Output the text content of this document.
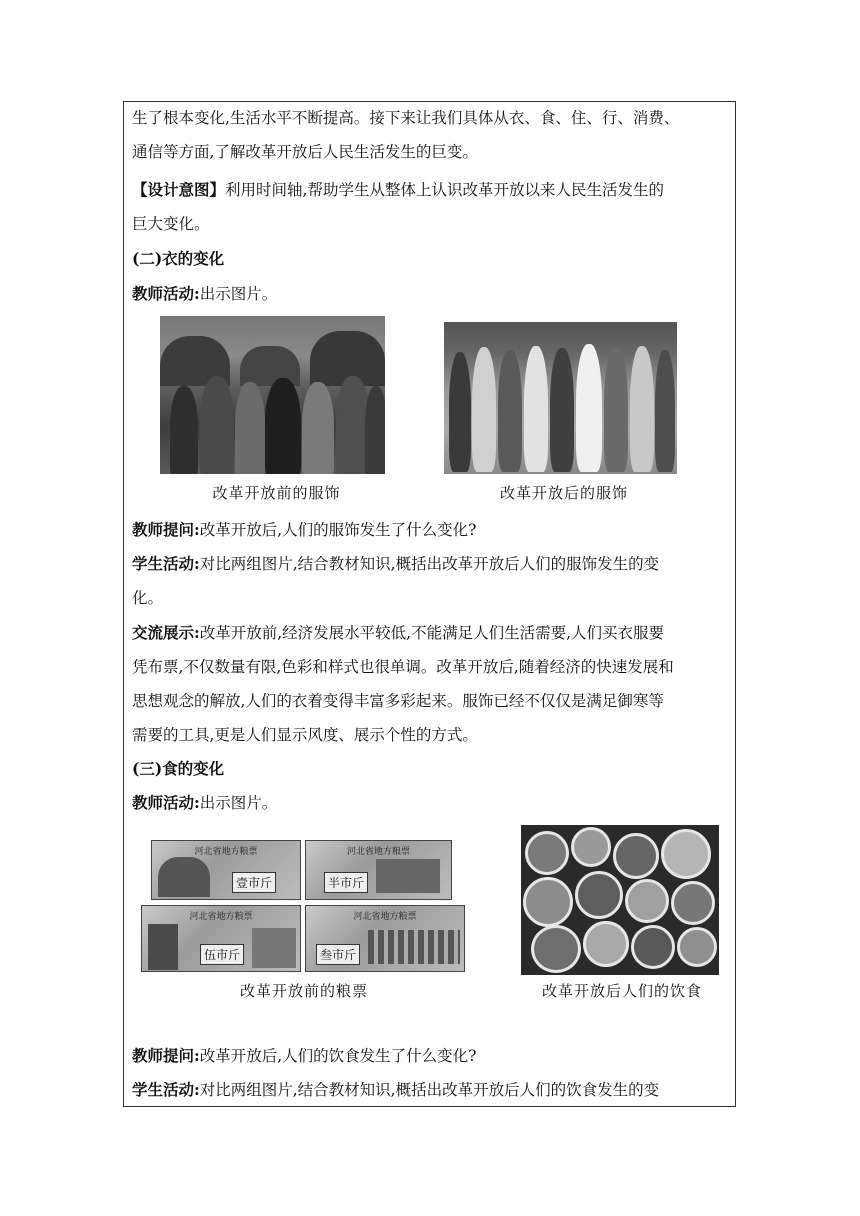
生了根本变化,生活水平不断提高。接下来让我们具体从衣、食、住、行、消费、
通信等方面,了解改革开放后人民生活发生的巨变。
【设计意图】利用时间轴,帮助学生从整体上认识改革开放以来人民生活发生的
巨大变化。
(二)衣的变化
教师活动:出示图片。
改革开放前的服饰	改革开放后的服饰
教师提问:改革开放后,人们的服饰发生了什么变化?
学生活动:对比两组图片,结合教材知识,概括出改革开放后人们的服饰发生的变
化。
交流展示:改革开放前,经济发展水平较低,不能满足人们生活需要,人们买衣服要
凭布票,不仅数量有限,色彩和样式也很单调。改革开放后,随着经济的快速发展和
思想观念的解放,人们的衣着变得丰富多彩起来。服饰已经不仅仅是满足御寒等
需要的工具,更是人们显示风度、展示个性的方式。
(三)食的变化
教师活动:出示图片。
河北省地方粮票
壹市斤
河北省地方粮票
半市斤
河北省地方粮票
伍市斤
河北省地方粮票
叁市斤
改革开放前的粮票	改革开放后人们的饮食
教师提问:改革开放后,人们的饮食发生了什么变化?
学生活动:对比两组图片,结合教材知识,概括出改革开放后人们的饮食发生的变
